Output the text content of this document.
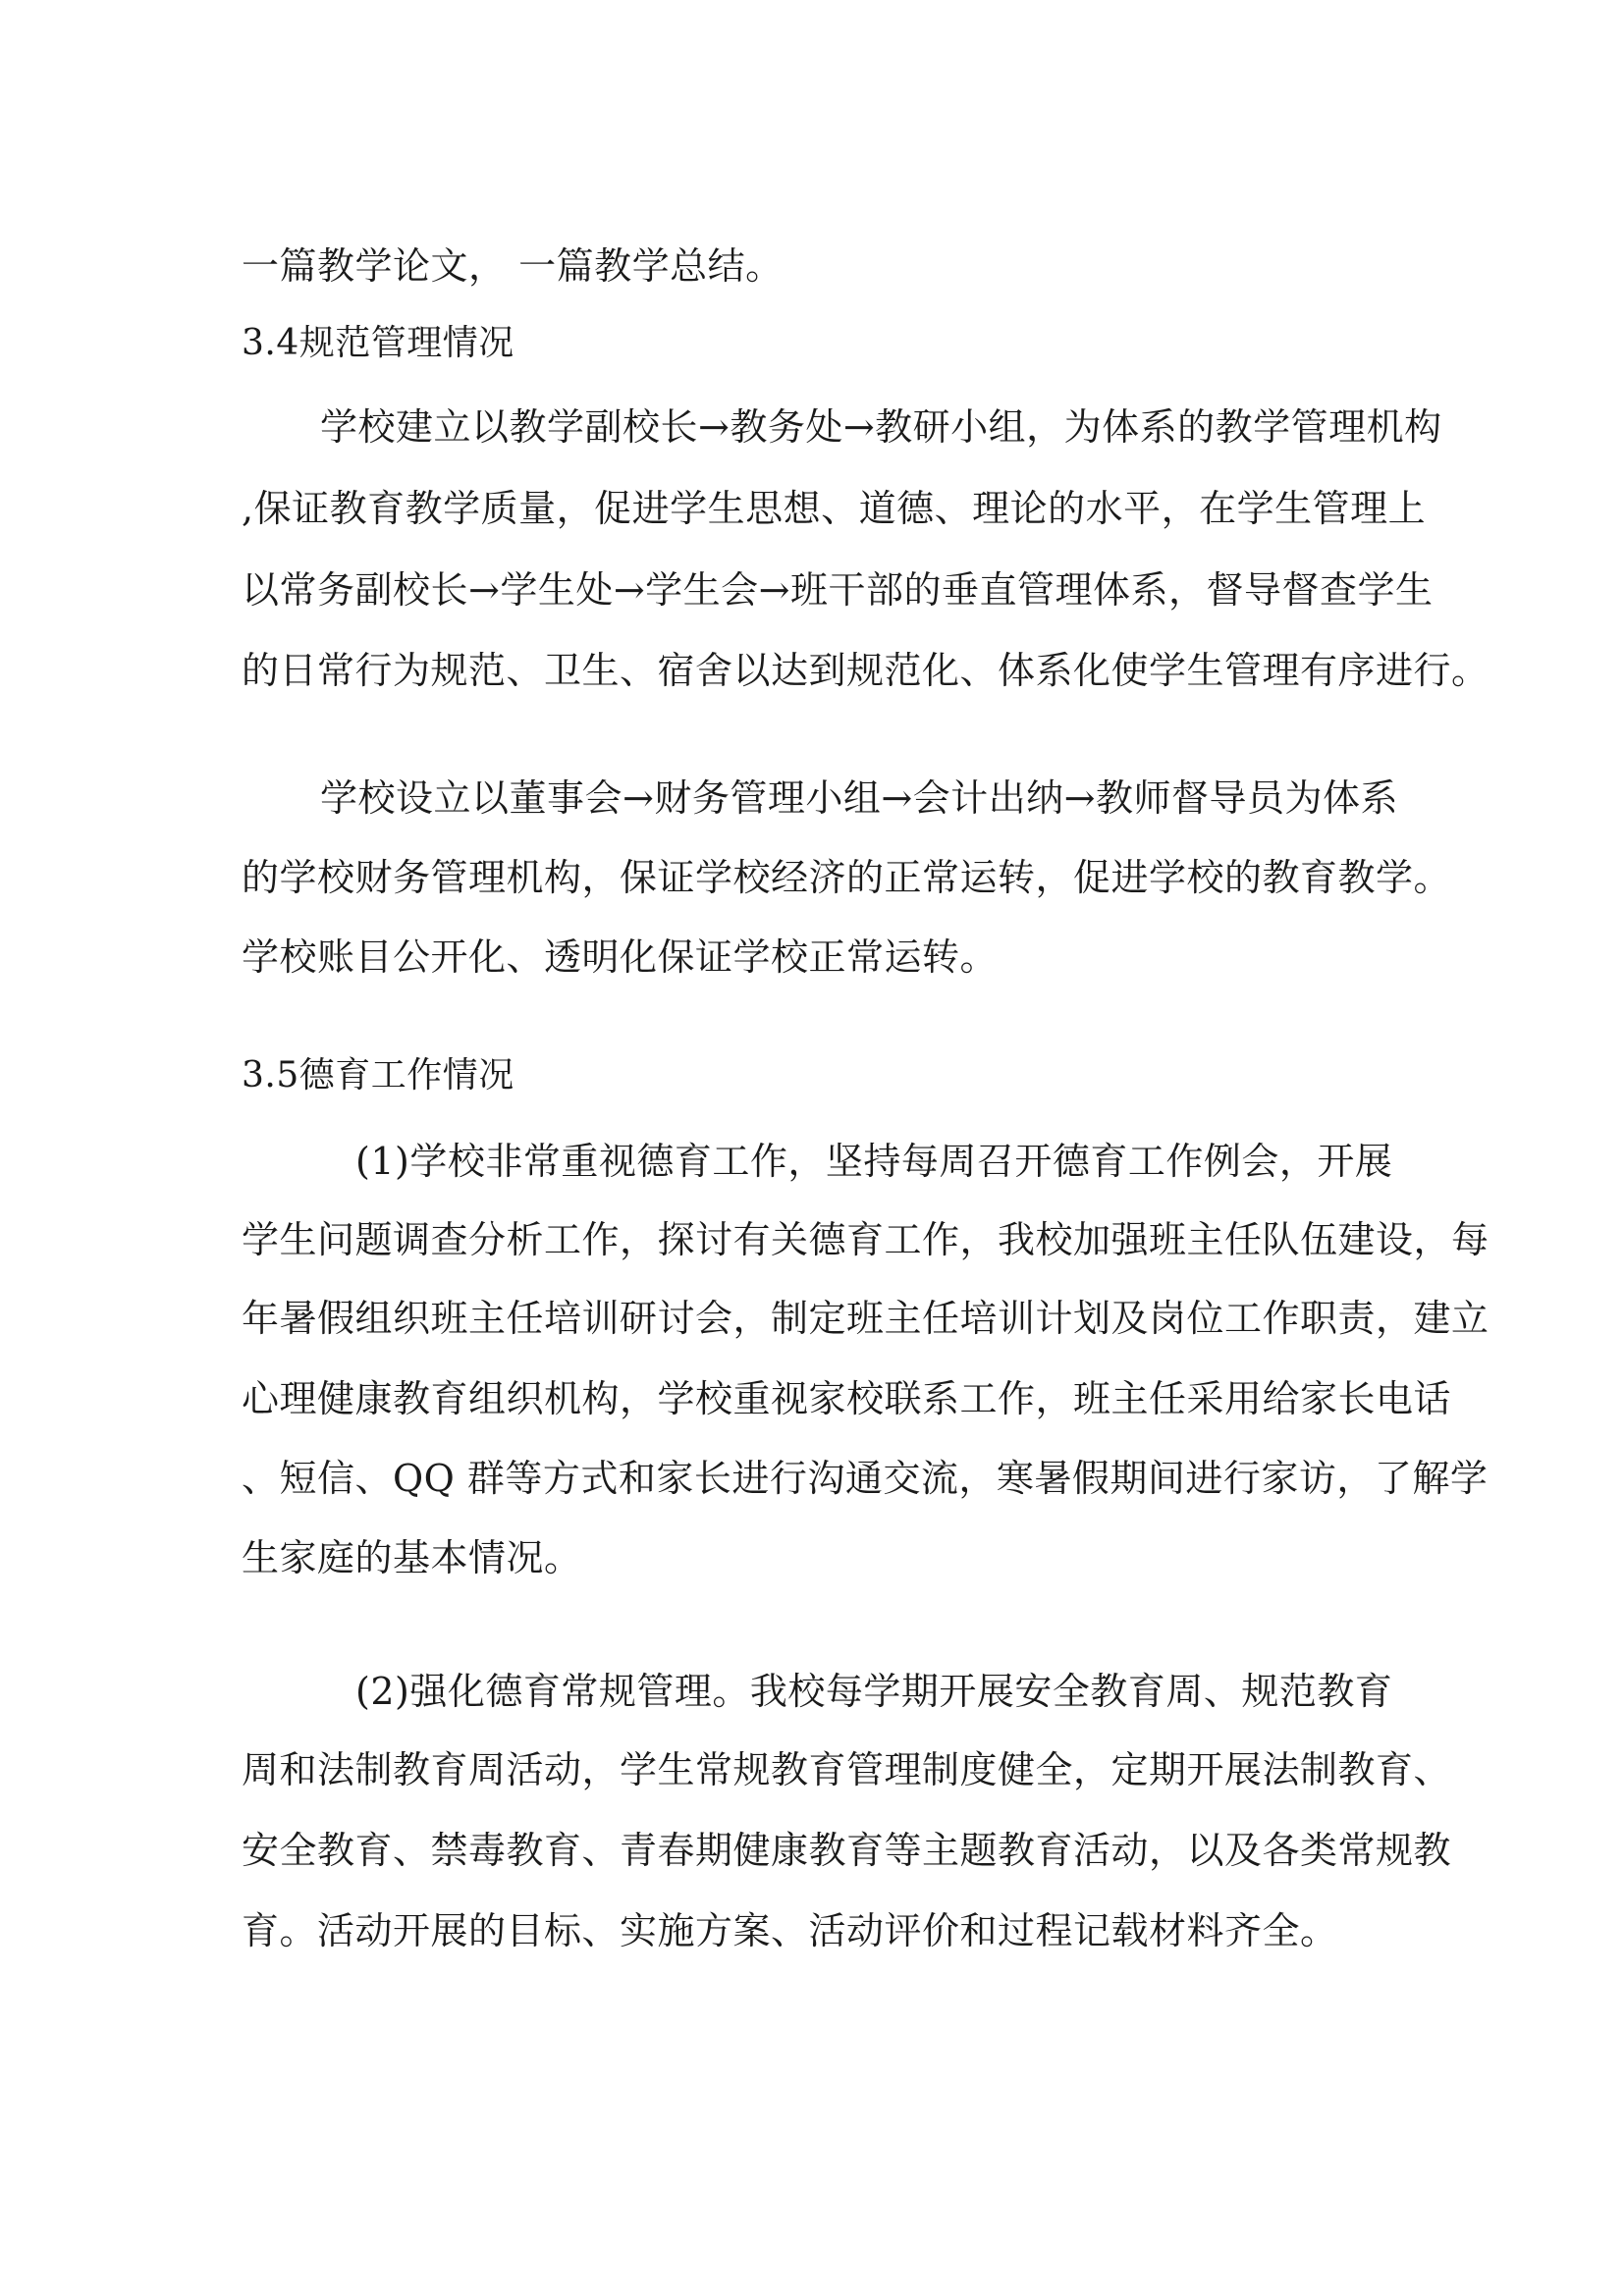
一篇教学论文， 一篇教学总结。
3.4规范管理情况
学校建立以教学副校长→教务处→教研小组，为体系的教学管理机构
,保证教育教学质量，促进学生思想、道德、理论的水平，在学生管理上
以常务副校长→学生处→学生会→班干部的垂直管理体系，督导督查学生
的日常行为规范、卫生、宿舍以达到规范化、体系化使学生管理有序进行。
学校设立以董事会→财务管理小组→会计出纳→教师督导员为体系
的学校财务管理机构，保证学校经济的正常运转，促进学校的教育教学。
学校账目公开化、透明化保证学校正常运转。
3.5德育工作情况
(1)学校非常重视德育工作，坚持每周召开德育工作例会，开展
学生问题调查分析工作，探讨有关德育工作，我校加强班主任队伍建设，每
年暑假组织班主任培训研讨会，制定班主任培训计划及岗位工作职责，建立
心理健康教育组织机构，学校重视家校联系工作，班主任采用给家长电话
、短信、QQ 群等方式和家长进行沟通交流，寒暑假期间进行家访，了解学
生家庭的基本情况。
(2)强化德育常规管理。我校每学期开展安全教育周、规范教育
周和法制教育周活动，学生常规教育管理制度健全，定期开展法制教育、
安全教育、禁毒教育、青春期健康教育等主题教育活动，以及各类常规教
育。活动开展的目标、实施方案、活动评价和过程记载材料齐全。
